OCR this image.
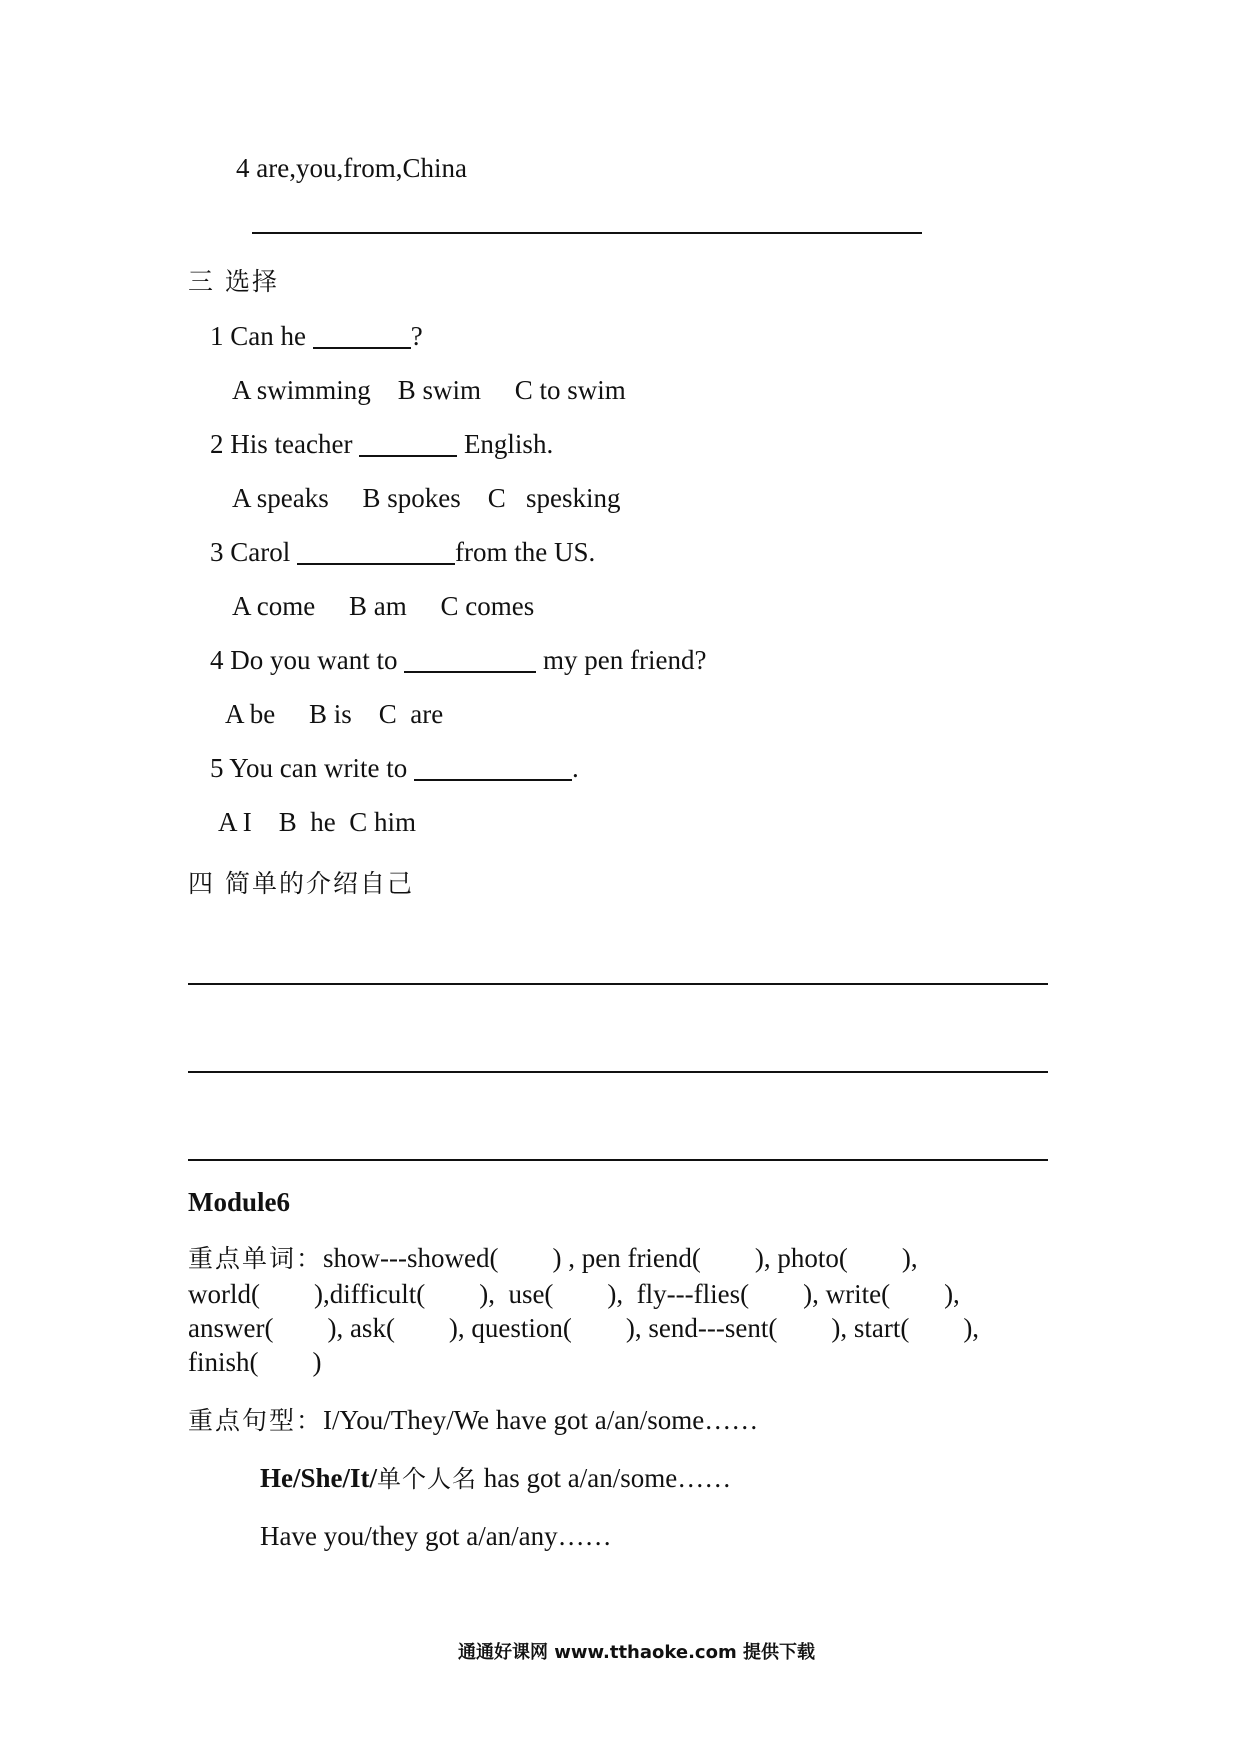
4 are,you,from,China
三 选择
1 Can he	?
A swimming    B swim     C to swim
2 His teacher	English.
A speaks     B spokes    C   spesking
3 Carol	from the US.
A come     B am     C comes
4 Do you want to	my pen friend?
A be     B is    C  are
5 You can write to	.
A I    B  he  C him
四 简单的介绍自己
Module6
重点单词：show---showed(        ) , pen friend(        ), photo(        ),
world(        ),difficult(        ),  use(        ),  fly---flies(        ), write(        ),
answer(        ), ask(        ), question(        ), send---sent(        ), start(        ),
finish(        )
重点句型：I/You/They/We have got a/an/some……
He/She/It/单个人名 has got a/an/some……
Have you/they got a/an/any……
通通好课网 www.tthaoke.com 提供下载
